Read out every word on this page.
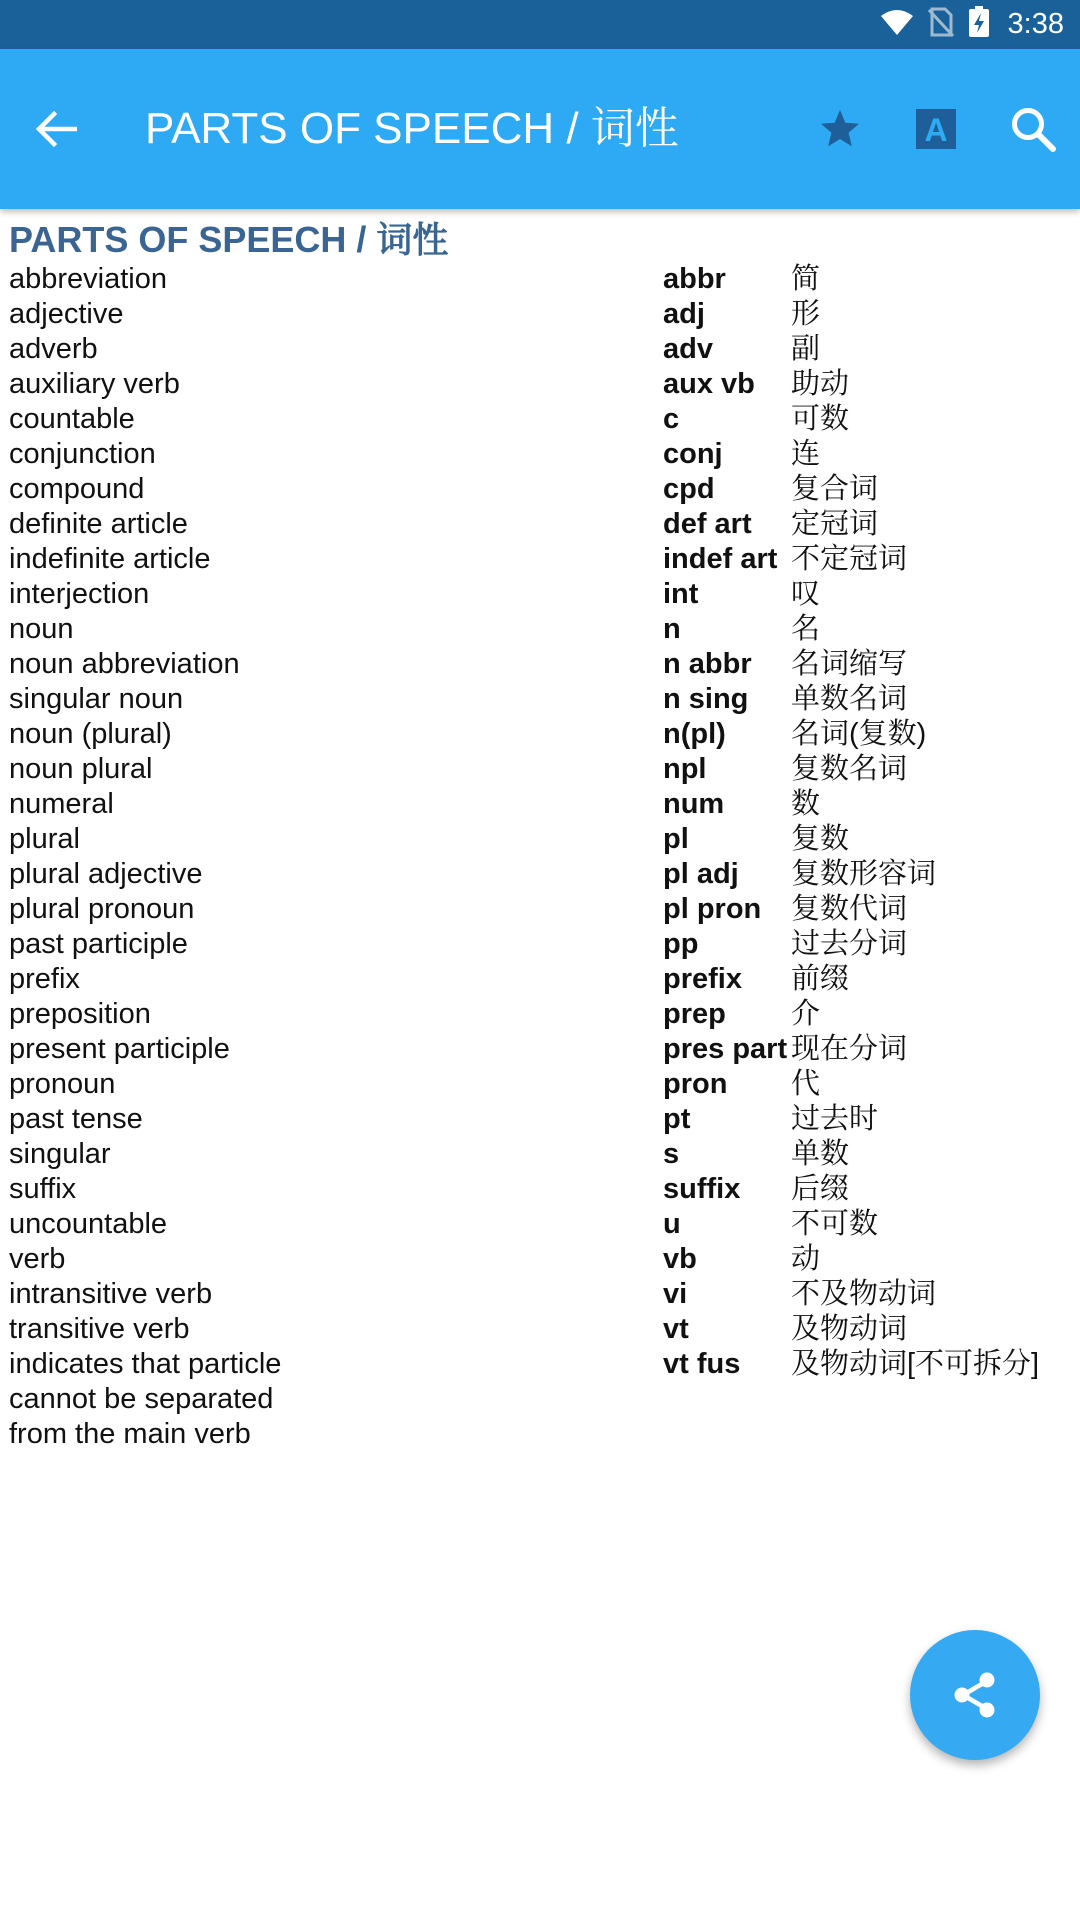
3:38
PARTS OF SPEECH / 词性	A
PARTS OF SPEECH / 词性
abbreviation	abbr	简
adjective	adj	形
adverb	adv	副
auxiliary verb	aux vb	助动
countable	c	可数
conjunction	conj	连
compound	cpd	复合词
definite article	def art	定冠词
indefinite article	indef art	不定冠词
interjection	int	叹
noun	n	名
noun abbreviation	n abbr	名词缩写
singular noun	n sing	单数名词
noun (plural)	n(pl)	名词(复数)
noun plural	npl	复数名词
numeral	num	数
plural	pl	复数
plural adjective	pl adj	复数形容词
plural pronoun	pl pron	复数代词
past participle	pp	过去分词
prefix	prefix	前缀
preposition	prep	介
present participle	pres part	现在分词
pronoun	pron	代
past tense	pt	过去时
singular	s	单数
suffix	suffix	后缀
uncountable	u	不可数
verb	vb	动
intransitive verb	vi	不及物动词
transitive verb	vt	及物动词

indicates that particle
cannot be separated
from the main verb	vt fus	及物动词[不可拆分]
